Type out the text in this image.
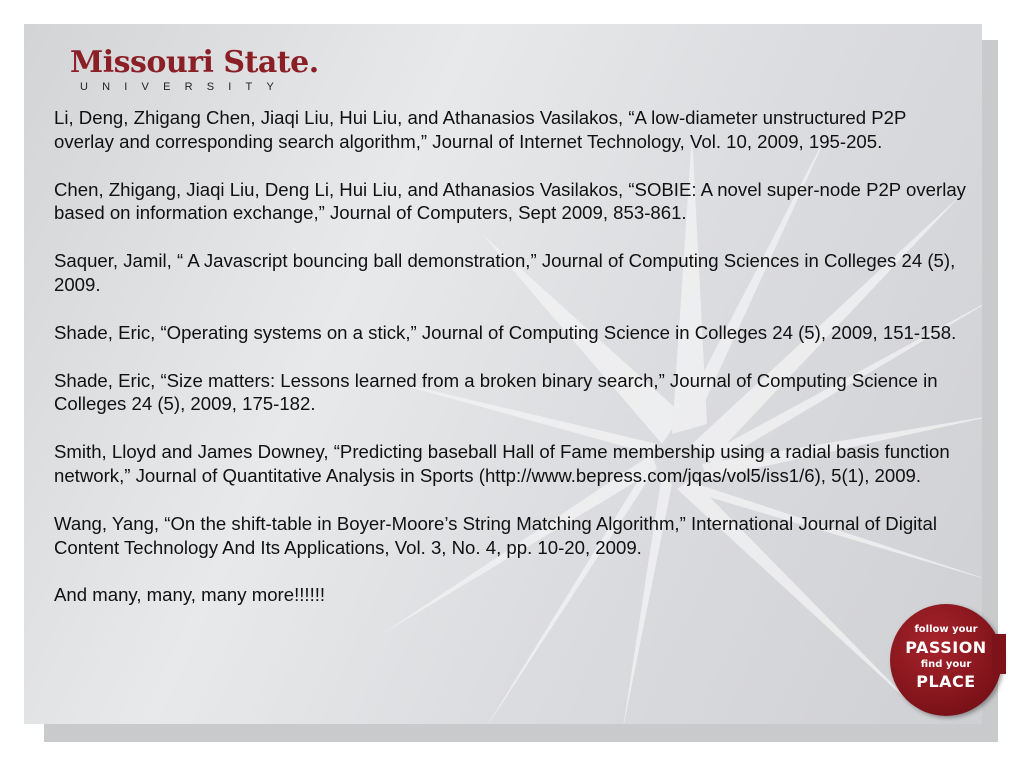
Missouri State.
UNIVERSITY

Li, Deng, Zhigang Chen, Jiaqi Liu, Hui Liu, and Athanasios Vasilakos, “A low-diameter unstructured P2P overlay and corresponding search algorithm,” Journal of Internet Technology, Vol. 10, 2009, 195-205.

Chen, Zhigang, Jiaqi Liu, Deng Li, Hui Liu, and Athanasios Vasilakos, “SOBIE: A novel super-node P2P overlay based on information exchange,” Journal of Computers, Sept 2009, 853-861.

Saquer, Jamil, “ A Javascript bouncing ball demonstration,” Journal of Computing Sciences in Colleges 24 (5), 2009.

Shade, Eric, “Operating systems on a stick,” Journal of Computing Science in Colleges 24 (5), 2009, 151-158.

Shade, Eric, “Size matters: Lessons learned from a broken binary search,” Journal of Computing Science in Colleges 24 (5), 2009, 175-182.

Smith, Lloyd and James Downey, “Predicting baseball Hall of Fame membership using a radial basis function network,” Journal of Quantitative Analysis in Sports (http://www.bepress.com/jqas/vol5/iss1/6), 5(1), 2009.

Wang, Yang, “On the shift-table in Boyer-Moore’s String Matching Algorithm,” International Journal of Digital Content Technology And Its Applications, Vol. 3, No. 4, pp. 10-20, 2009.

And many, many, many more!!!!!!

follow your
PASSION
find your
PLACE
